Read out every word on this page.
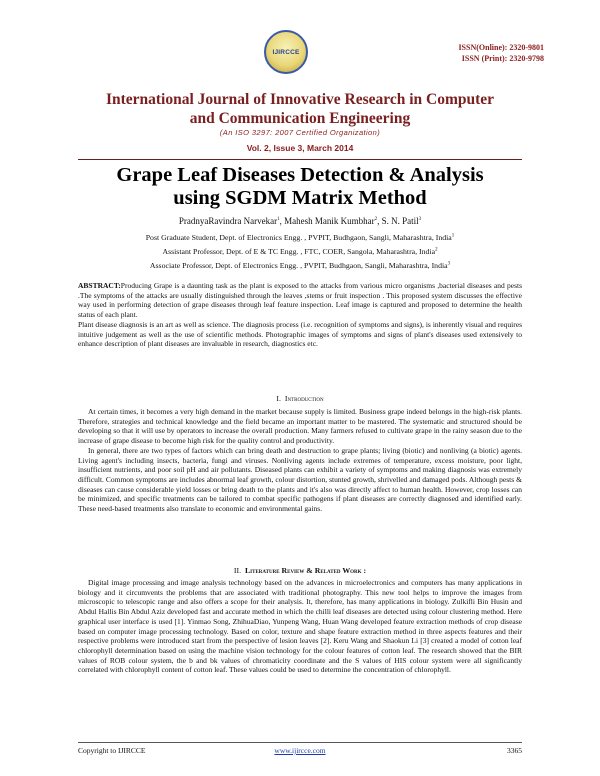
IJIRCCE	ISSN(Online): 2320-9801
ISSN (Print): 2320-9798
International Journal of Innovative Research in Computer
and Communication Engineering
(An ISO 3297: 2007 Certified Organization)
Vol. 2, Issue 3, March 2014
Grape Leaf Diseases Detection & Analysis
using SGDM Matrix Method
PradnyaRavindra Narvekar$^1$, Mahesh Manik Kumbhar$^2$, S. N. Patil$^3$
Post Graduate Student, Dept. of Electronics Engg. , PVPIT, Budhgaon, Sangli, Maharashtra, India$^1$
Assistant Professor, Dept. of E & TC Engg. , FTC, COER, Sangola, Maharashtra, India$^2$
Associate Professor, Dept. of Electronics Engg. , PVPIT, Budhgaon, Sangli, Maharashtra, India$^3$

ABSTRACT:Producing Grape is a daunting task as the plant is exposed to the attacks from various micro organisms ,bacterial diseases and pests .The symptoms of the attacks are usually distinguished through the leaves ,stems or fruit inspection . This proposed system discusses the effective way used in performing detection of grape diseases through leaf feature inspection. Leaf image is captured and proposed to determine the health status of each plant.

Plant disease diagnosis is an art as well as science. The diagnosis process (i.e. recognition of symptoms and signs), is inherently visual and requires intuitive judgement as well as the use of scientific methods. Photographic images of symptoms and signs of plant's diseases used extensively to enhance description of plant diseases are invaluable in research, diagnostics etc.

I. Introduction

At certain times, it becomes a very high demand in the market because supply is limited. Business grape indeed belongs in the high-risk plants. Therefore, strategies and technical knowledge and the field became an important matter to be mastered. The systematic and structured should be developing so that it will use by operators to increase the overall production. Many farmers refused to cultivate grape in the rainy season due to the increase of grape disease to become high risk for the quality control and productivity.

In general, there are two types of factors which can bring death and destruction to grape plants; living (biotic) and nonliving (a biotic) agents. Living agent's including insects, bacteria, fungi and viruses. Nonliving agents include extremes of temperature, excess moisture, poor light, insufficient nutrients, and poor soil pH and air pollutants. Diseased plants can exhibit a variety of symptoms and making diagnosis was extremely difficult. Common symptoms are includes abnormal leaf growth, colour distortion, stunted growth, shrivelled and damaged pods. Although pests & diseases can cause considerable yield losses or bring death to the plants and it's also was directly affect to human health. However, crop losses can be minimized, and specific treatments can be tailored to combat specific pathogens if plant diseases are correctly diagnosed and identified early. These need-based treatments also translate to economic and environmental gains.

II. Literature Review & Related Work :

Digital image processing and image analysis technology based on the advances in microelectronics and computers has many applications in biology and it circumvents the problems that are associated with traditional photography. This new tool helps to improve the images from microscopic to telescopic range and also offers a scope for their analysis. It, therefore, has many applications in biology. Zulkifli Bin Husin and Abdul Hallis Bin Abdul Aziz developed fast and accurate method in which the chilli leaf diseases are detected using colour clustering method. Here graphical user interface is used [1]. Yinmao Song, ZhihuaDiao, Yunpeng Wang, Huan Wang developed feature extraction methods of crop disease based on computer image processing technology. Based on color, texture and shape feature extraction method in three aspects features and their respective problems were introduced start from the perspective of lesion leaves [2]. Keru Wang and Shaokun Li [3] created a model of cotton leaf chlorophyll determination based on using the machine vision technology for the colour features of cotton leaf. The research showed that the BIR values of ROB colour system, the b and bk values of chromaticity coordinate and the S values of HIS colour system were all significantly correlated with chlorophyll content of cotton leaf. These values could be used to determine the concentration of chlorophyll.

Copyright to IJIRCCE	www.ijircce.com	3365
